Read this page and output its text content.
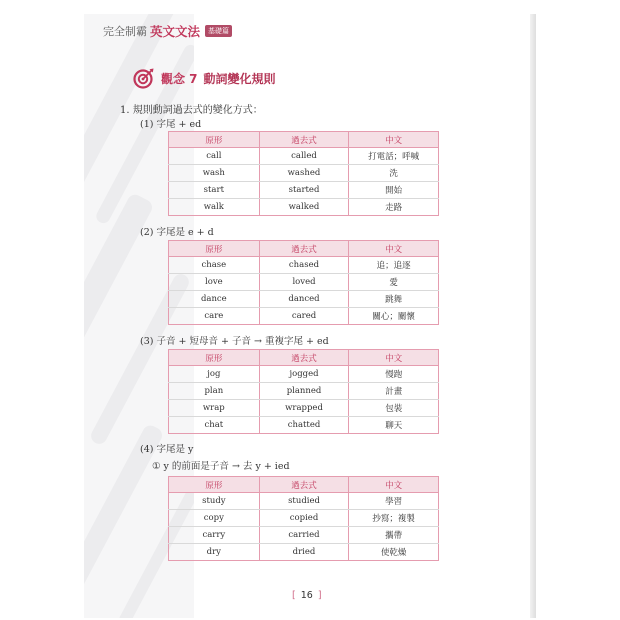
完全制霸 英文文法	基礎篇
觀念 7 動詞變化規則
1. 規則動詞過去式的變化方式：
(1) 字尾 + ed
原形	過去式	中文
call	called	打電話；呼喊
wash	washed	洗
start	started	開始
walk	walked	走路
(2) 字尾是 e + d
原形	過去式	中文
chase	chased	追；追逐
love	loved	愛
dance	danced	跳舞
care	cared	關心；關懷
(3) 子音 + 短母音 + 子音 → 重複字尾 + ed
原形	過去式	中文
jog	jogged	慢跑
plan	planned	計畫
wrap	wrapped	包裝
chat	chatted	聊天
(4) 字尾是 y
① y 的前面是子音 → 去 y + ied
原形	過去式	中文
study	studied	學習
copy	copied	抄寫；複製
carry	carried	攜帶
dry	dried	使乾燥
[ 16 ]
